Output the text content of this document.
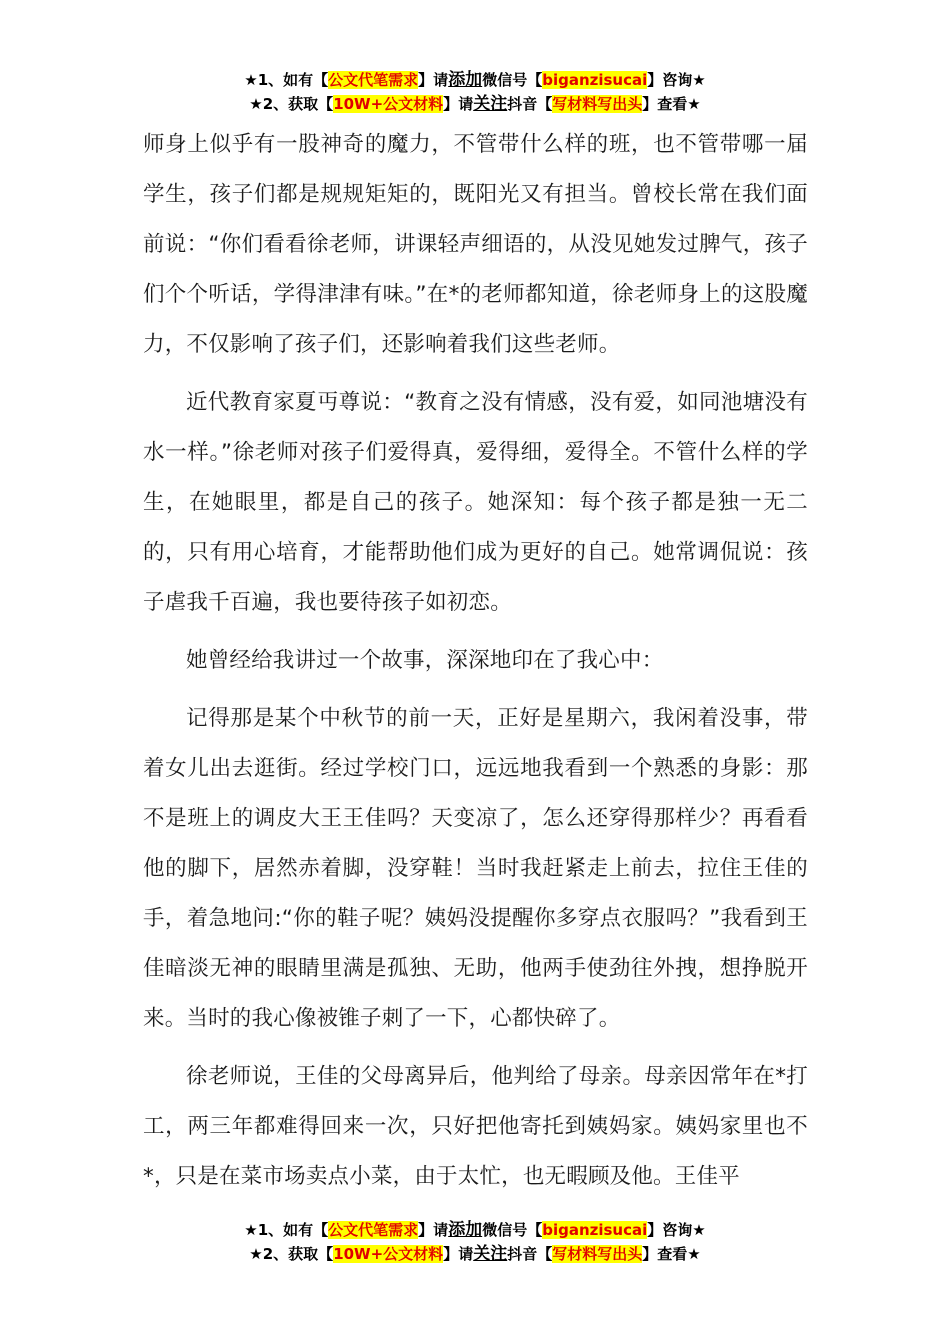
★1、如有【公文代笔需求】请添加微信号【biganzisucai】咨询★
★2、获取【10W+公文材料】请关注抖音【写材料写出头】查看★

师身上似乎有一股神奇的魔力，不管带什么样的班，也不管带哪一届学生，孩子们都是规规矩矩的，既阳光又有担当。曾校长常在我们面前说：“你们看看徐老师，讲课轻声细语的，从没见她发过脾气，孩子们个个听话，学得津津有味。”在*的老师都知道，徐老师身上的这股魔力，不仅影响了孩子们，还影响着我们这些老师。

近代教育家夏丏尊说：“教育之没有情感，没有爱，如同池塘没有水一样。”徐老师对孩子们爱得真，爱得细，爱得全。不管什么样的学生，在她眼里，都是自己的孩子。她深知：每个孩子都是独一无二的，只有用心培育，才能帮助他们成为更好的自己。她常调侃说：孩子虐我千百遍，我也要待孩子如初恋。

她曾经给我讲过一个故事，深深地印在了我心中：

记得那是某个中秋节的前一天，正好是星期六，我闲着没事，带着女儿出去逛街。经过学校门口，远远地我看到一个熟悉的身影：那不是班上的调皮大王王佳吗？天变凉了，怎么还穿得那样少？再看看他的脚下，居然赤着脚，没穿鞋！当时我赶紧走上前去，拉住王佳的手，着急地问:“你的鞋子呢？姨妈没提醒你多穿点衣服吗？”我看到王佳暗淡无神的眼睛里满是孤独、无助，他两手使劲往外拽，想挣脱开来。当时的我心像被锥子刺了一下，心都快碎了。

徐老师说，王佳的父母离异后，他判给了母亲。母亲因常年在*打工，两三年都难得回来一次，只好把他寄托到姨妈家。姨妈家里也不*，只是在菜市场卖点小菜，由于太忙，也无暇顾及他。王佳平

★1、如有【公文代笔需求】请添加微信号【biganzisucai】咨询★
★2、获取【10W+公文材料】请关注抖音【写材料写出头】查看★
